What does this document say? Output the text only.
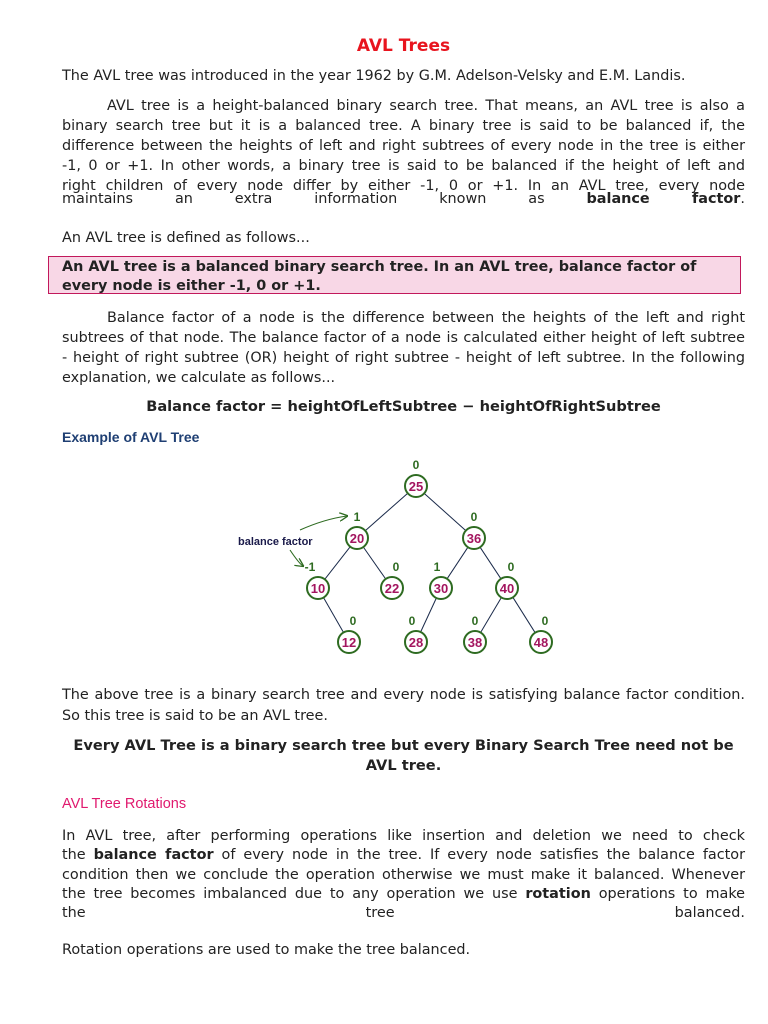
AVL Trees

The AVL tree was introduced in the year 1962 by G.M. Adelson-Velsky and E.M. Landis.

AVL tree is a height-balanced binary search tree. That means, an AVL tree is also a

binary search tree but it is a balanced tree. A binary tree is said to be balanced if, the

difference between the heights of left and right subtrees of every node in the tree is either

-1, 0 or +1. In other words, a binary tree is said to be balanced if the height of left and

right children of every node differ by either -1, 0 or +1. In an AVL tree, every node

maintains an extra information known as	balance factor.

An AVL tree is defined as follows...

An AVL tree is a balanced binary search tree. In an AVL tree, balance factor of every node is either -1, 0 or +1.

Balance factor of a node is the difference between the heights of the left and right

subtrees of that node. The balance factor of a node is calculated either height of left subtree

- height of right subtree (OR) height of right subtree - height of left subtree. In the following

explanation, we calculate as follows...

Balance factor = heightOfLeftSubtree − heightOfRightSubtree
Example of AVL Tree

The above tree is a binary search tree and every node is satisfying balance factor condition. So this tree is said to be an AVL tree.

Every AVL Tree is a binary search tree but every Binary Search Tree need not be AVL tree.

AVL Tree Rotations

In AVL tree, after performing operations like insertion and deletion we need to check

the balance factor of every node in the tree. If every node satisfies the balance factor

condition then we conclude the operation otherwise we must make it balanced. Whenever

the tree becomes imbalanced due to any operation we use rotation operations to make

the tree balanced.

Rotation operations are used to make the tree balanced.

25
0
20
1
36
0
10
-1
22
0
30
1
40
0
12
0
28
0
38
0
48
0
balance factor
